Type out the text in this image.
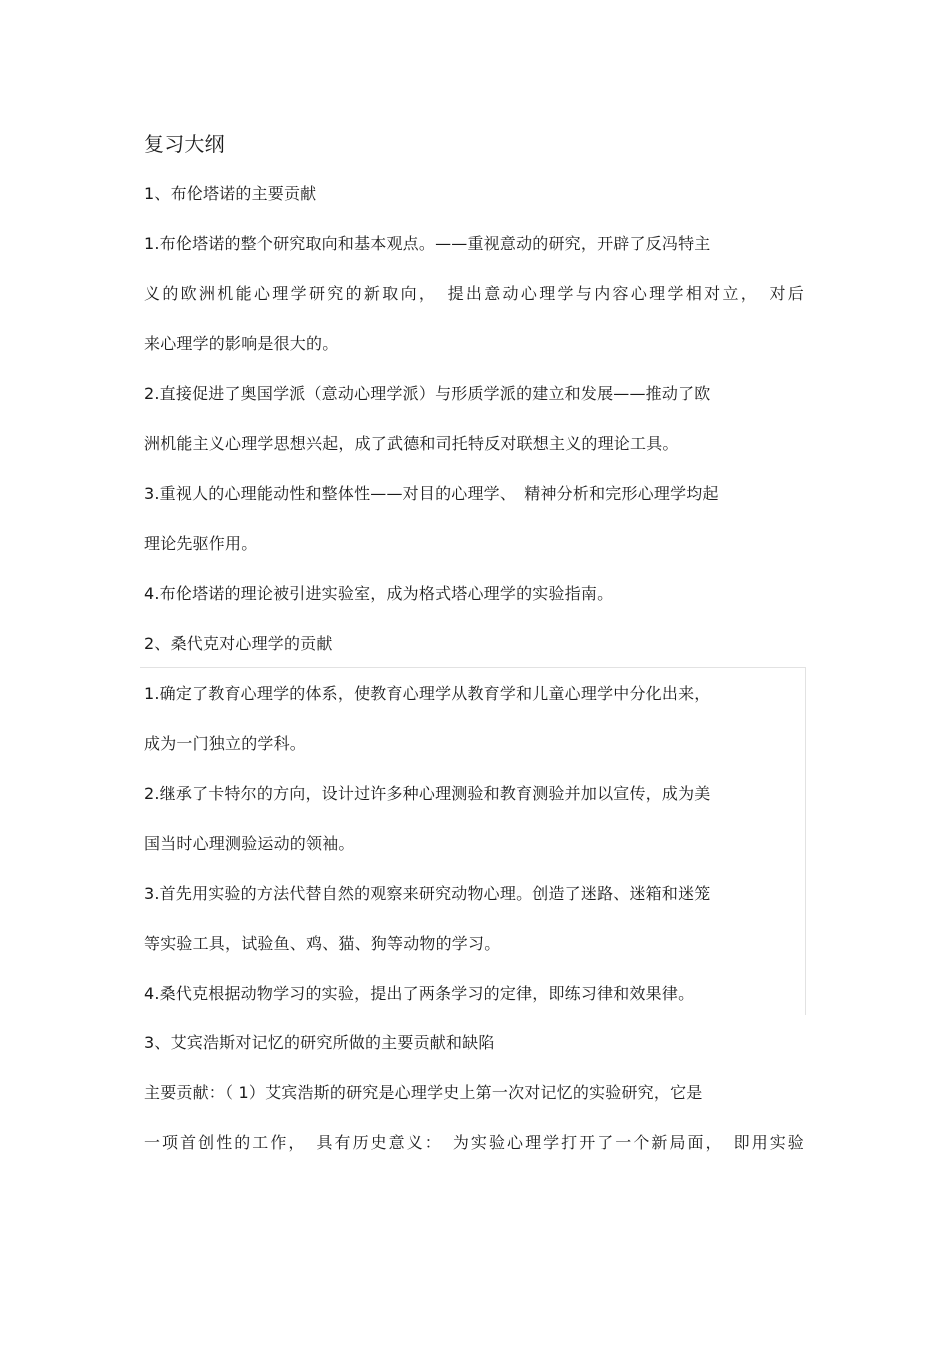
复习大纲
1、布伦塔诺的主要贡献
1.布伦塔诺的整个研究取向和基本观点。——重视意动的研究，开辟了反冯特主
义的欧洲机能心理学研究的新取向，　提出意动心理学与内容心理学相对立，　对后
来心理学的影响是很大的。
2.直接促进了奥国学派（意动心理学派）与形质学派的建立和发展——推动了欧
洲机能主义心理学思想兴起，成了武德和司托特反对联想主义的理论工具。
3.重视人的心理能动性和整体性——对目的心理学、　精神分析和完形心理学均起
理论先驱作用。
4.布伦塔诺的理论被引进实验室，成为格式塔心理学的实验指南。
2、桑代克对心理学的贡献
1.确定了教育心理学的体系，使教育心理学从教育学和儿童心理学中分化出来，
成为一门独立的学科。
2.继承了卡特尔的方向，设计过许多种心理测验和教育测验并加以宣传，成为美
国当时心理测验运动的领袖。
3.首先用实验的方法代替自然的观察来研究动物心理。创造了迷路、迷箱和迷笼
等实验工具，试验鱼、鸡、猫、狗等动物的学习。
4.桑代克根据动物学习的实验，提出了两条学习的定律，即练习律和效果律。
3、艾宾浩斯对记忆的研究所做的主要贡献和缺陷
主要贡献：（ 1）艾宾浩斯的研究是心理学史上第一次对记忆的实验研究，它是
一项首创性的工作，　具有历史意义：　为实验心理学打开了一个新局面，　即用实验
